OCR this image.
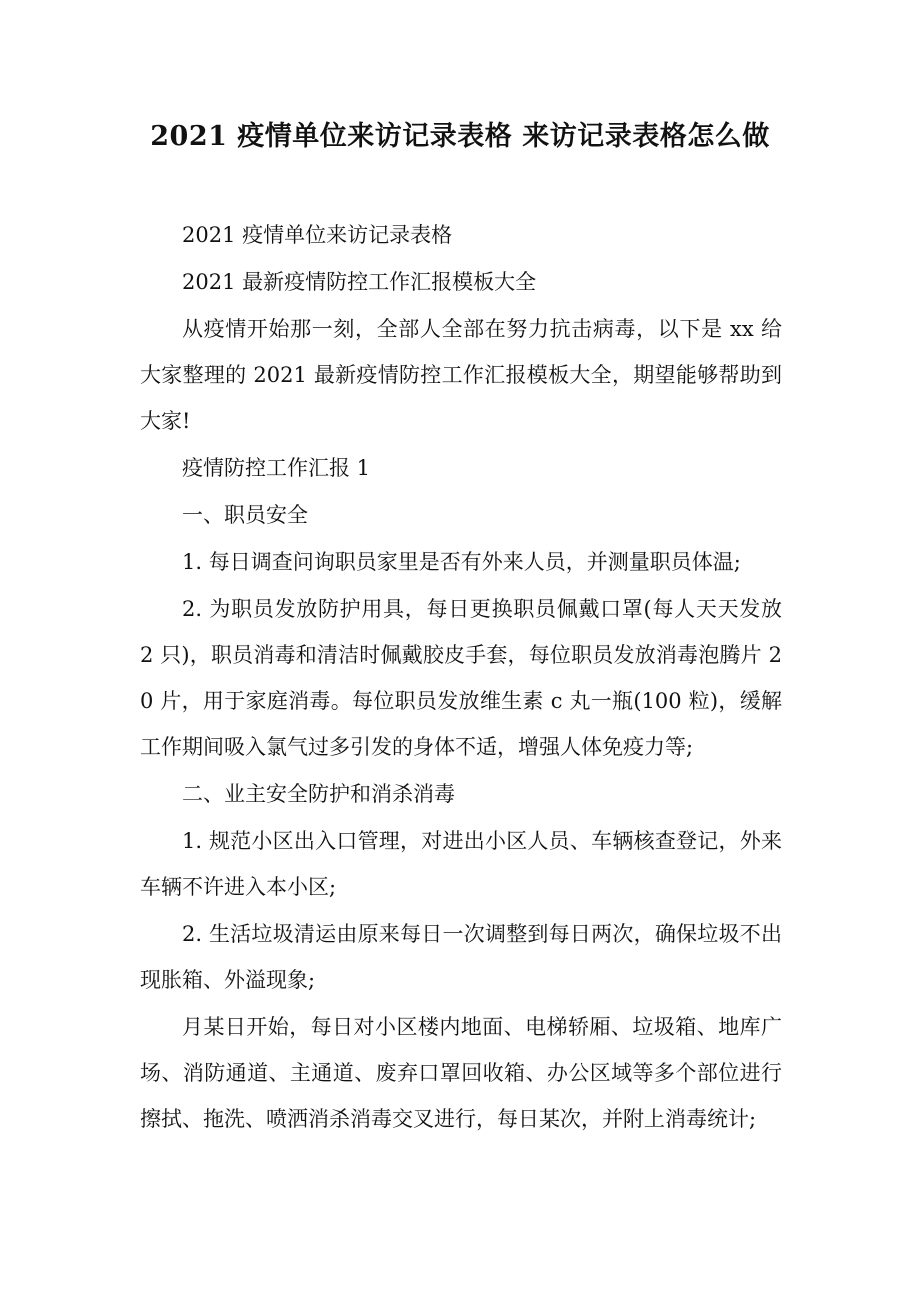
2021 疫情单位来访记录表格 来访记录表格怎么做

2021 疫情单位来访记录表格

2021 最新疫情防控工作汇报模板大全

从疫情开始那一刻，全部人全部在努力抗击病毒，以下是 xx 给大家整理的 2021 最新疫情防控工作汇报模板大全，期望能够帮助到大家!

疫情防控工作汇报 1

一、职员安全

1. 每日调查问询职员家里是否有外来人员，并测量职员体温;

2. 为职员发放防护用具，每日更换职员佩戴口罩(每人天天发放 2 只)，职员消毒和清洁时佩戴胶皮手套，每位职员发放消毒泡腾片 20 片，用于家庭消毒。每位职员发放维生素 c 丸一瓶(100 粒)，缓解工作期间吸入氯气过多引发的身体不适，增强人体免疫力等;

二、业主安全防护和消杀消毒

1. 规范小区出入口管理，对进出小区人员、车辆核查登记，外来车辆不许进入本小区;

2. 生活垃圾清运由原来每日一次调整到每日两次，确保垃圾不出现胀箱、外溢现象;

月某日开始，每日对小区楼内地面、电梯轿厢、垃圾箱、地库广场、消防通道、主通道、废弃口罩回收箱、办公区域等多个部位进行擦拭、拖洗、喷洒消杀消毒交叉进行，每日某次，并附上消毒统计;
